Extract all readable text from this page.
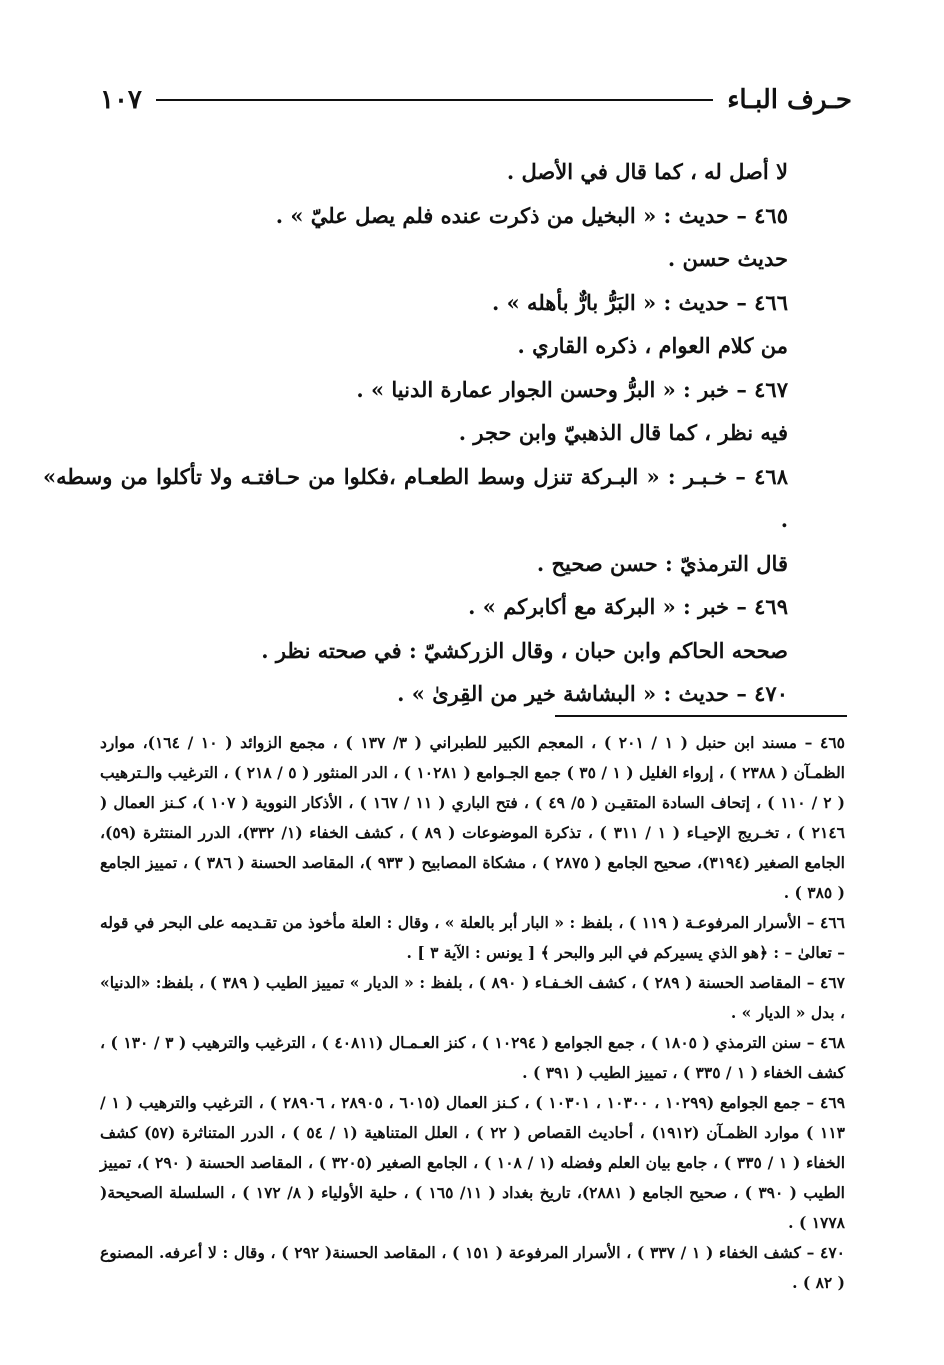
١٠٧	حـرف البـاء
لا أصل له ، كما قال في الأصل .
٤٦٥ – حديث : « البخيل من ذكرت عنده فلم يصل عليّ » .
حديث حسن .
٤٦٦ – حديث : « البَرُّ بارٌّ بأهله » .
من كلام العوام ، ذكره القاري .
٤٦٧ – خبر : « البرُّ وحسن الجوار عمارة الدنيا » .
فيه نظر ، كما قال الذهبيّ وابن حجر .
٤٦٨ – خـبـر : « البـركة تنزل وسط الطعـام ،فكلوا من حـافتـه ولا تأكلوا من وسطه» .
قال الترمذيّ : حسن صحيح .
٤٦٩ – خبر : « البركة مع أكابركم » .
صححه الحاكم وابن حبان ، وقال الزركشيّ : في صحته نظر .
٤٧٠ – حديث : « البشاشة خير من القِرىٰ » .
٤٦٥ – مسند ابن حنبل ( ١ / ٢٠١ ) ، المعجم الكبير للطبراني ( ٣/ ١٣٧ ) ، مجمع الزوائد ( ١٠ / ١٦٤)، موارد الظمـآن ( ٢٣٨٨ ) ، إرواء الغليل ( ١ / ٣٥ ) جمع الجـوامع ( ١٠٢٨١ ) ، الدر المنثور ( ٥ / ٢١٨ ) ، الترغيب والـترهيب ( ٢ / ١١٠ ) ، إتحاف السادة المتقيـن ( ٥/ ٤٩ ) ، فتح الباري ( ١١ / ١٦٧ ) ، الأذكار النووية ( ١٠٧ )، كـنز العمال ( ٢١٤٦ ) ، تخـريج الإحيـاء ( ١ / ٣١١ ) ، تذكرة الموضوعات ( ٨٩ ) ، كشف الخفاء (١/ ٣٣٢)، الدرر المنتثرة (٥٩)، الجامع الصغير (٣١٩٤)، صحيح الجامع ( ٢٨٧٥ ) ، مشكاة المصابيح ( ٩٣٣ )، المقاصد الحسنة ( ٣٨٦ ) ، تمييز الجامع ( ٣٨٥ ) .
٤٦٦ – الأسرار المرفوعـة ( ١١٩ ) ، بلفظ : « البار أبر بالعلة » ، وقال : العلة مأخوذ من تقـديمه على البحر في قوله – تعالىٰ – : ﴿هو الذي يسيركم في البر والبحر ﴾ [ يونس : الآية ٣ ] .
٤٦٧ – المقاصد الحسنة ( ٢٨٩ ) ، كشف الخـفـاء ( ٨٩٠ ) ، بلفظ : « الديار » تمييز الطيب ( ٣٨٩ ) ، بلفظ: «الدنيا» ، بدل « الديار » .
٤٦٨ – سنن الترمذي ( ١٨٠٥ ) ، جمع الجوامع ( ١٠٢٩٤ ) ، كنز العـمـال (٤٠٨١١ ) ، الترغيب والترهيب ( ٣ / ١٣٠ ) ، كشف الخفاء ( ١ / ٣٣٥ ) ، تمييز الطيب ( ٣٩١ ) .
٤٦٩ – جمع الجوامع (١٠٢٩٩ ، ١٠٣٠٠ ، ١٠٣٠١ ) ، كـنز العمال (٦٠١٥ ، ٢٨٩٠٥ ، ٢٨٩٠٦ ) ، الترغيب والترهيب ( ١ / ١١٣ ) موارد الظمـآن (١٩١٢) ، أحاديث القصاص ( ٢٢ ) ، العلل المتناهية (١ / ٥٤ ) ، الدرر المتناثرة (٥٧) كشف الخفاء ( ١ / ٣٣٥ ) ، جامع بيان العلم وفضله (١ / ١٠٨ ) ، الجامع الصغير (٣٢٠٥ ) ، المقاصد الحسنة ( ٢٩٠ )، تمييز الطيب ( ٣٩٠ ) ، صحيح الجامع ( ٢٨٨١)، تاريخ بغداد ( ١١/ ١٦٥ ) ، حلية الأولياء ( ٨/ ١٧٢ ) ، السلسلة الصحيحة( ١٧٧٨ ) .
٤٧٠ – كشف الخفاء ( ١ / ٣٣٧ ) ، الأسرار المرفوعة ( ١٥١ ) ، المقاصد الحسنة( ٢٩٢ ) ، وقال : لا أعرفه. المصنوع ( ٨٢ ) .
